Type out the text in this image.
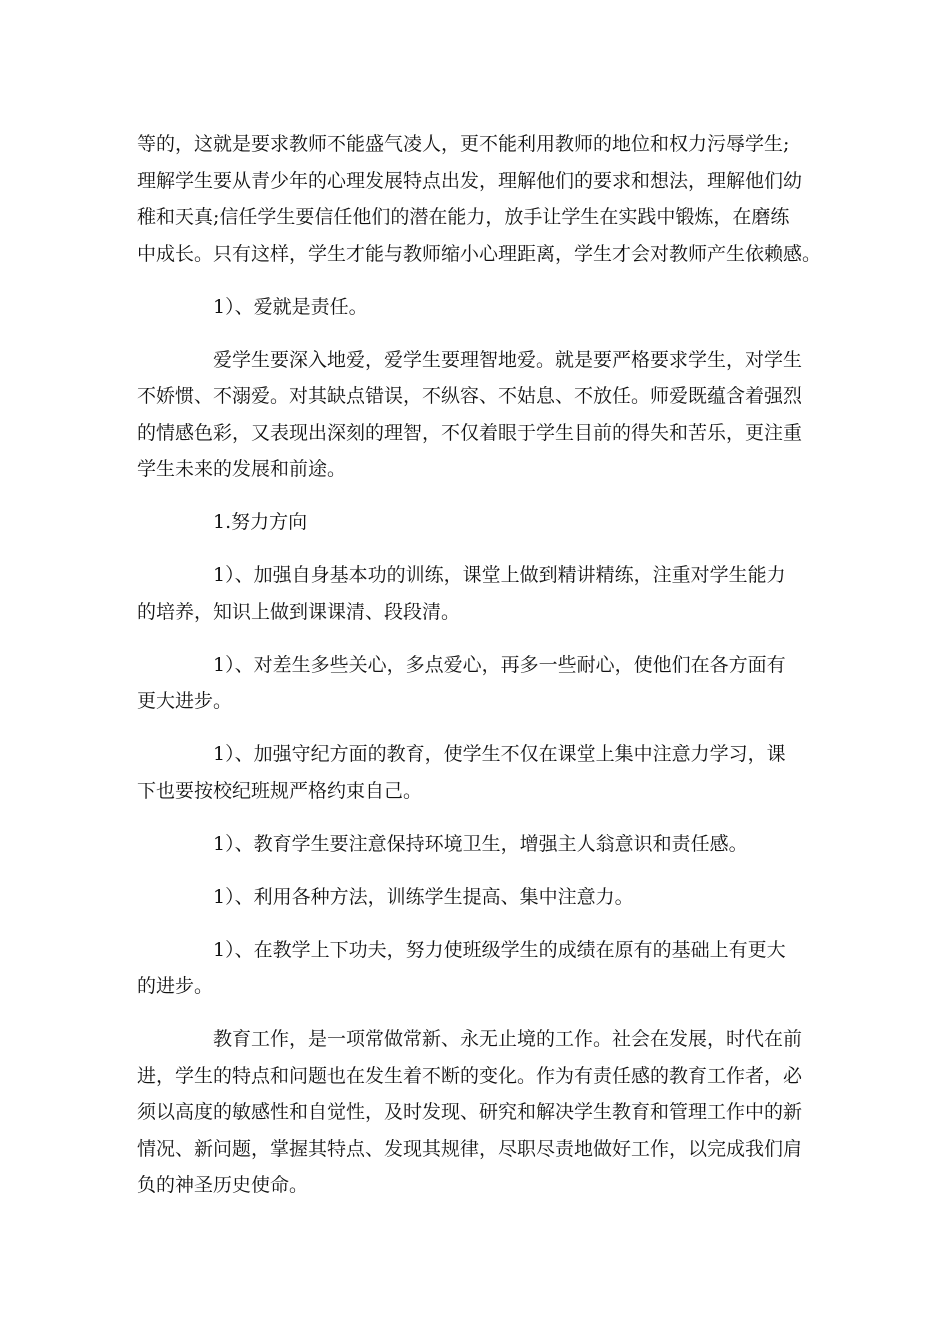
等的，这就是要求教师不能盛气凌人，更不能利用教师的地位和权力污辱学生;
理解学生要从青少年的心理发展特点出发，理解他们的要求和想法，理解他们幼
稚和天真;信任学生要信任他们的潜在能力，放手让学生在实践中锻炼，在磨练
中成长。只有这样，学生才能与教师缩小心理距离，学生才会对教师产生依赖感。
1）、爱就是责任。
爱学生要深入地爱，爱学生要理智地爱。就是要严格要求学生，对学生
不娇惯、不溺爱。对其缺点错误，不纵容、不姑息、不放任。师爱既蕴含着强烈
的情感色彩，又表现出深刻的理智，不仅着眼于学生目前的得失和苦乐，更注重
学生未来的发展和前途。
1.努力方向
1）、加强自身基本功的训练，课堂上做到精讲精练，注重对学生能力
的培养，知识上做到课课清、段段清。
1）、对差生多些关心，多点爱心，再多一些耐心，使他们在各方面有
更大进步。
1）、加强守纪方面的教育，使学生不仅在课堂上集中注意力学习，课
下也要按校纪班规严格约束自己。
1）、教育学生要注意保持环境卫生，增强主人翁意识和责任感。
1）、利用各种方法，训练学生提高、集中注意力。
1）、在教学上下功夫，努力使班级学生的成绩在原有的基础上有更大
的进步。
教育工作，是一项常做常新、永无止境的工作。社会在发展，时代在前
进，学生的特点和问题也在发生着不断的变化。作为有责任感的教育工作者，必
须以高度的敏感性和自觉性，及时发现、研究和解决学生教育和管理工作中的新
情况、新问题，掌握其特点、发现其规律，尽职尽责地做好工作，以完成我们肩
负的神圣历史使命。
